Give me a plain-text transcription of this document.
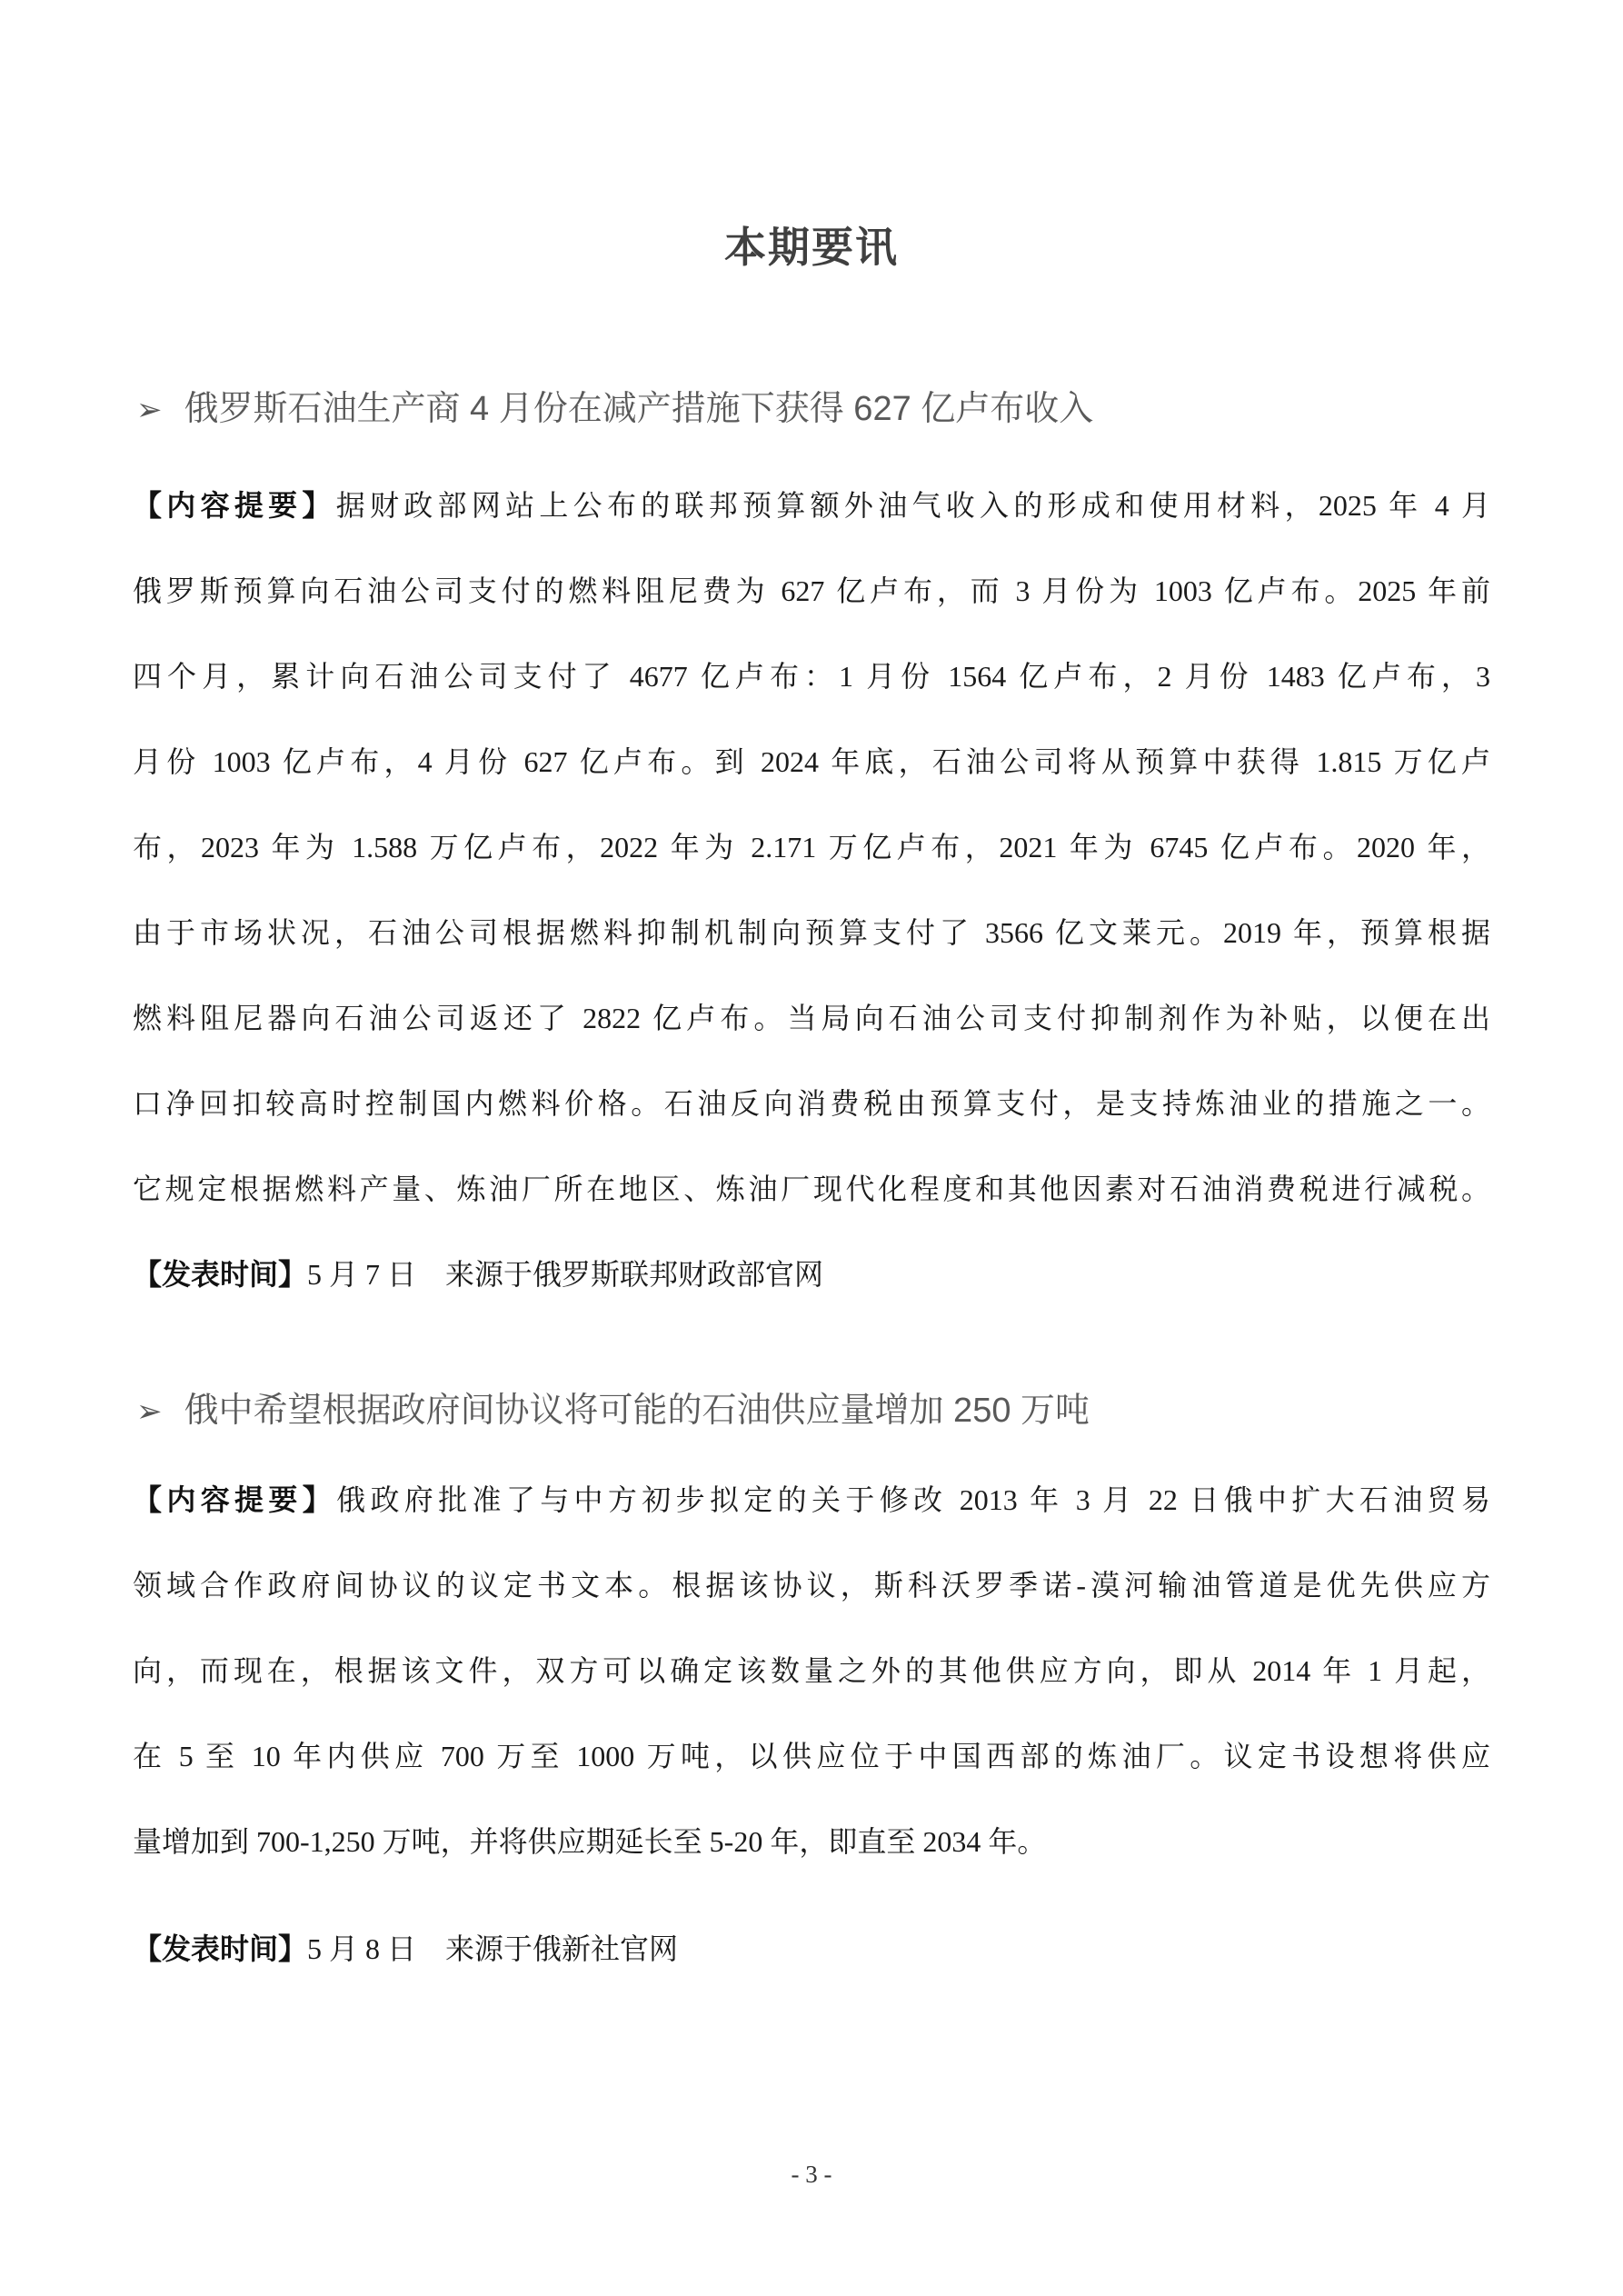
本期要讯
➢ 俄罗斯石油生产商 4 月份在减产措施下获得 627 亿卢布收入
【内容提要】据财政部网站上公布的联邦预算额外油气收入的形成和使用材料，2025 年 4 月
俄罗斯预算向石油公司支付的燃料阻尼费为 627 亿卢布，而 3 月份为 1003 亿卢布。2025 年前
四个月，累计向石油公司支付了 4677 亿卢布：1 月份 1564 亿卢布，2 月份 1483 亿卢布，3
月份 1003 亿卢布，4 月份 627 亿卢布。到 2024 年底，石油公司将从预算中获得 1.815 万亿卢
布，2023 年为 1.588 万亿卢布，2022 年为 2.171 万亿卢布，2021 年为 6745 亿卢布。2020 年，
由于市场状况，石油公司根据燃料抑制机制向预算支付了 3566 亿文莱元。2019 年，预算根据
燃料阻尼器向石油公司返还了 2822 亿卢布。当局向石油公司支付抑制剂作为补贴，以便在出
口净回扣较高时控制国内燃料价格。石油反向消费税由预算支付，是支持炼油业的措施之一。
它规定根据燃料产量、炼油厂所在地区、炼油厂现代化程度和其他因素对石油消费税进行减税。
【发表时间】5 月 7 日　来源于俄罗斯联邦财政部官网
➢ 俄中希望根据政府间协议将可能的石油供应量增加 250 万吨
【内容提要】俄政府批准了与中方初步拟定的关于修改 2013 年 3 月 22 日俄中扩大石油贸易
领域合作政府间协议的议定书文本。根据该协议，斯科沃罗季诺-漠河输油管道是优先供应方
向，而现在，根据该文件，双方可以确定该数量之外的其他供应方向，即从 2014 年 1 月起，
在 5 至 10 年内供应 700 万至 1000 万吨，以供应位于中国西部的炼油厂。议定书设想将供应
量增加到 700-1,250 万吨，并将供应期延长至 5-20 年，即直至 2034 年。
【发表时间】5 月 8 日　来源于俄新社官网
- 3 -
